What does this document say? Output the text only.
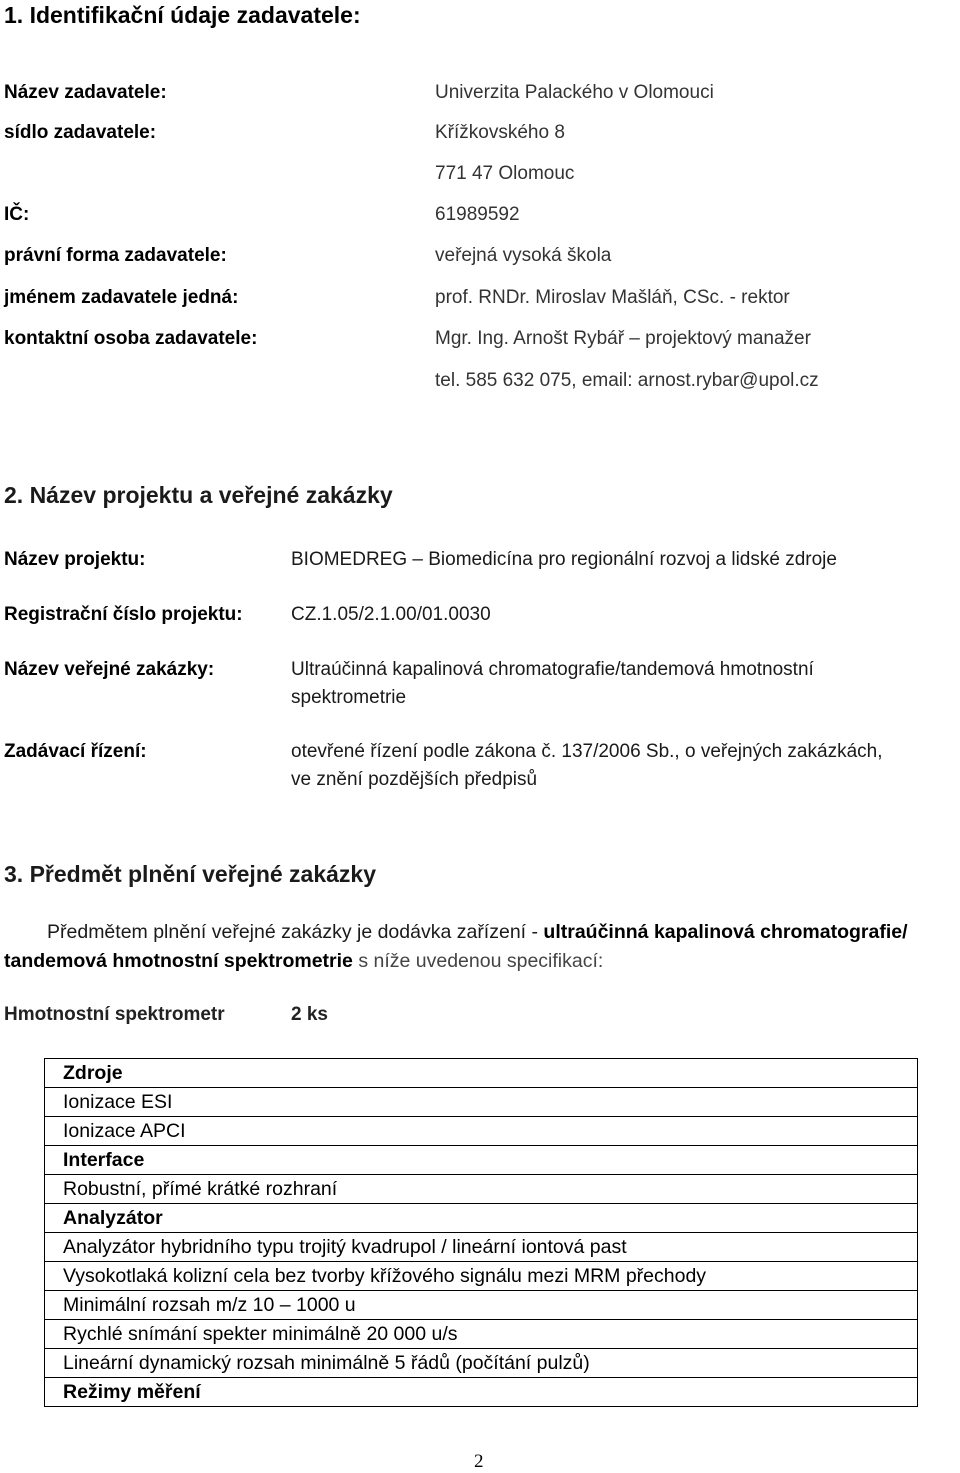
1. Identifikační údaje zadavatele:
Název zadavatele:	Univerzita Palackého v Olomouci
sídlo zadavatele:	Křížkovského 8
771 47 Olomouc
IČ:	61989592
právní forma zadavatele:	veřejná vysoká škola
jménem zadavatele jedná:	prof. RNDr. Miroslav Mašláň, CSc. - rektor
kontaktní osoba zadavatele:	Mgr. Ing. Arnošt Rybář – projektový manažer
tel. 585 632 075, email: arnost.rybar@upol.cz
2. Název projektu a veřejné zakázky
Název projektu:	BIOMEDREG – Biomedicína pro regionální rozvoj a lidské zdroje
Registrační číslo projektu:	CZ.1.05/2.1.00/01.0030
Název veřejné zakázky:	Ultraúčinná kapalinová chromatografie/tandemová hmotnostní
spektrometrie
Zadávací řízení:	otevřené řízení podle zákona č. 137/2006 Sb., o veřejných zakázkách,
ve znění pozdějších předpisů
3. Předmět plnění veřejné zakázky
Předmětem plnění veřejné zakázky je dodávka zařízení - ultraúčinná kapalinová chromatografie/ tandemová hmotnostní spektrometrie s níže uvedenou specifikací:
Hmotnostní spektrometr	2 ks
Zdroje
Ionizace ESI
Ionizace APCI
Interface
Robustní, přímé krátké rozhraní
Analyzátor
Analyzátor hybridního typu trojitý kvadrupol / lineární iontová past
Vysokotlaká kolizní cela bez tvorby křížového signálu mezi MRM přechody
Minimální rozsah m/z 10 – 1000 u
Rychlé snímání spekter minimálně 20 000 u/s
Lineární dynamický rozsah minimálně 5 řádů (počítání pulzů)
Režimy měření
2
